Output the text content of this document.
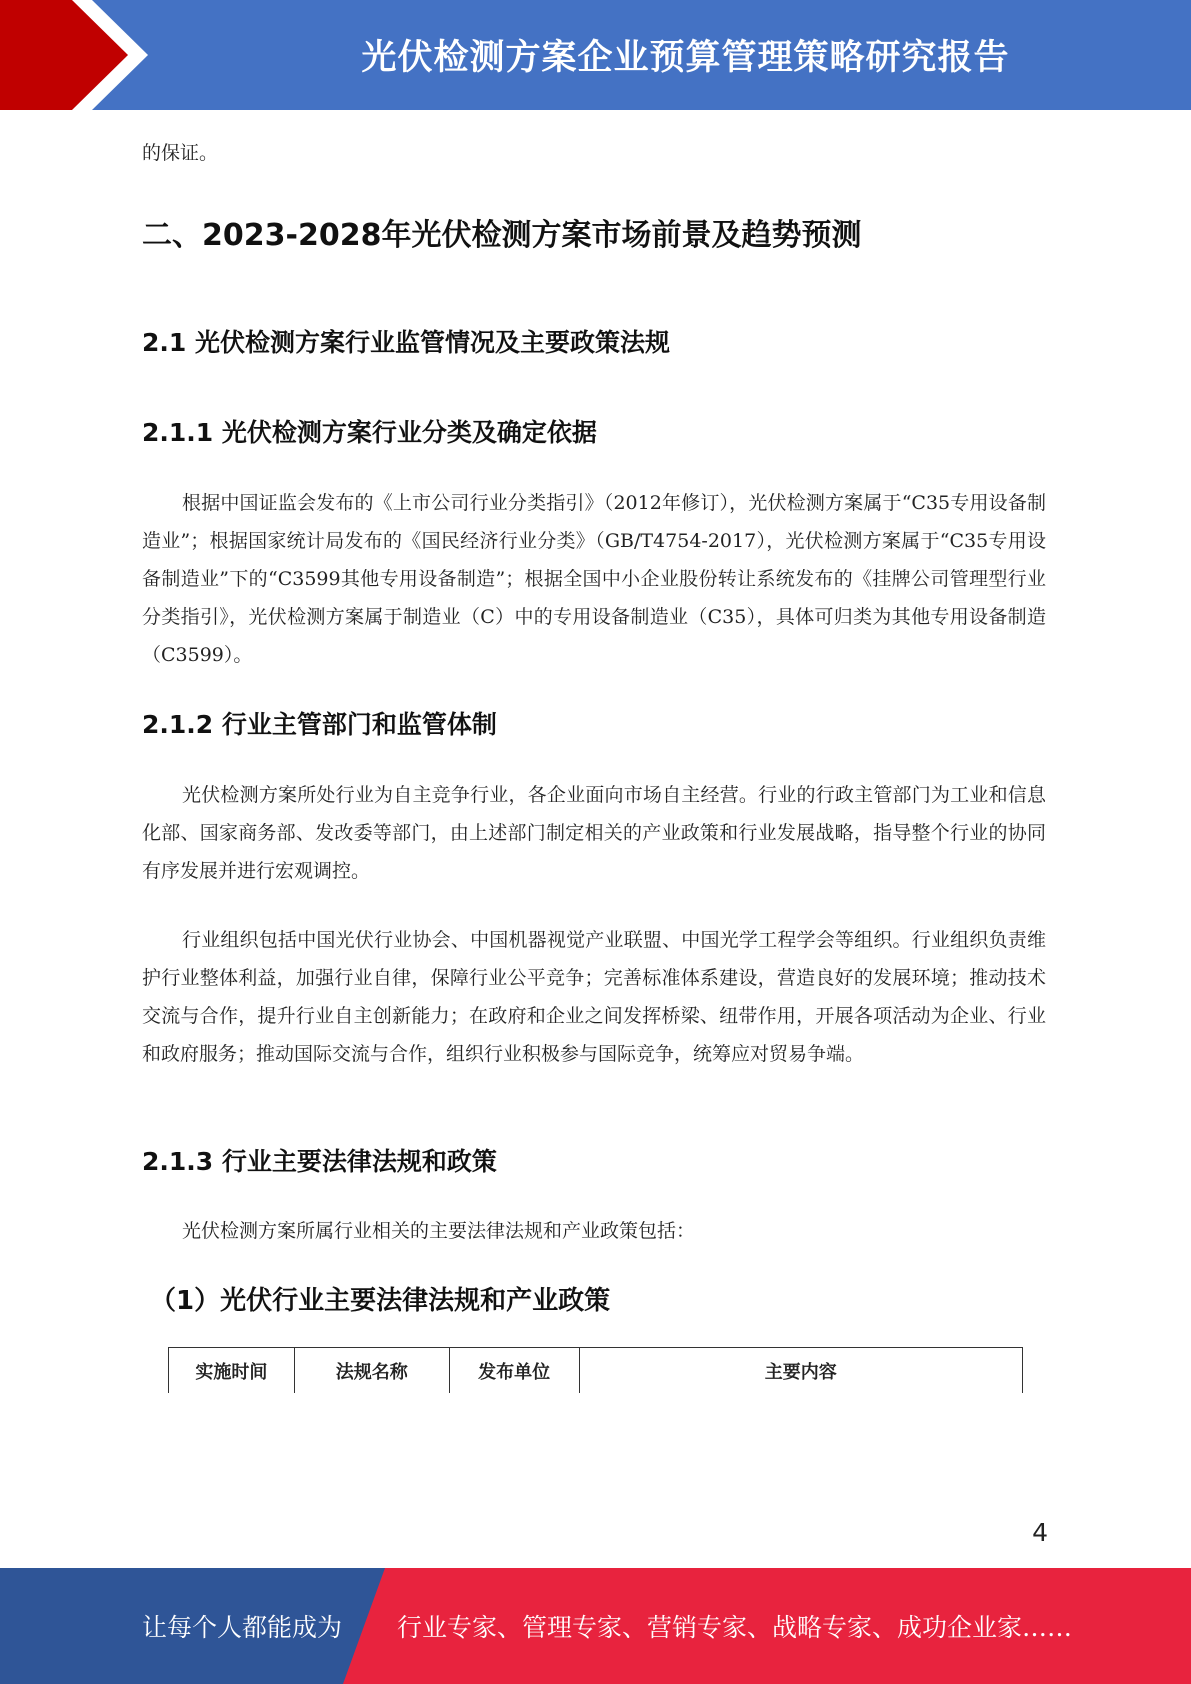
光伏检测方案企业预算管理策略研究报告
的保证。
二、2023-2028年光伏检测方案市场前景及趋势预测
2.1 光伏检测方案行业监管情况及主要政策法规
2.1.1 光伏检测方案行业分类及确定依据

根据中国证监会发布的《上市公司行业分类指引》（2012年修订），光伏检测方案属于“C35专用设备制造业”；根据国家统计局发布的《国民经济行业分类》（GB/T4754-2017），光伏检测方案属于“C35专用设备制造业”下的“C3599其他专用设备制造”；根据全国中小企业股份转让系统发布的《挂牌公司管理型行业分类指引》，光伏检测方案属于制造业（C）中的专用设备制造业（C35），具体可归类为其他专用设备制造（C3599）。

2.1.2 行业主管部门和监管体制

光伏检测方案所处行业为自主竞争行业，各企业面向市场自主经营。行业的行政主管部门为工业和信息化部、国家商务部、发改委等部门，由上述部门制定相关的产业政策和行业发展战略，指导整个行业的协同有序发展并进行宏观调控。

行业组织包括中国光伏行业协会、中国机器视觉产业联盟、中国光学工程学会等组织。行业组织负责维护行业整体利益，加强行业自律，保障行业公平竞争；完善标准体系建设，营造良好的发展环境；推动技术交流与合作，提升行业自主创新能力；在政府和企业之间发挥桥梁、纽带作用，开展各项活动为企业、行业和政府服务；推动国际交流与合作，组织行业积极参与国际竞争，统筹应对贸易争端。

2.1.3 行业主要法律法规和政策

光伏检测方案所属行业相关的主要法律法规和产业政策包括：

（1）光伏行业主要法律法规和产业政策
实施时间	法规名称	发布单位	主要内容
4
让每个人都能成为 行业专家、管理专家、营销专家、战略专家、成功企业家……
